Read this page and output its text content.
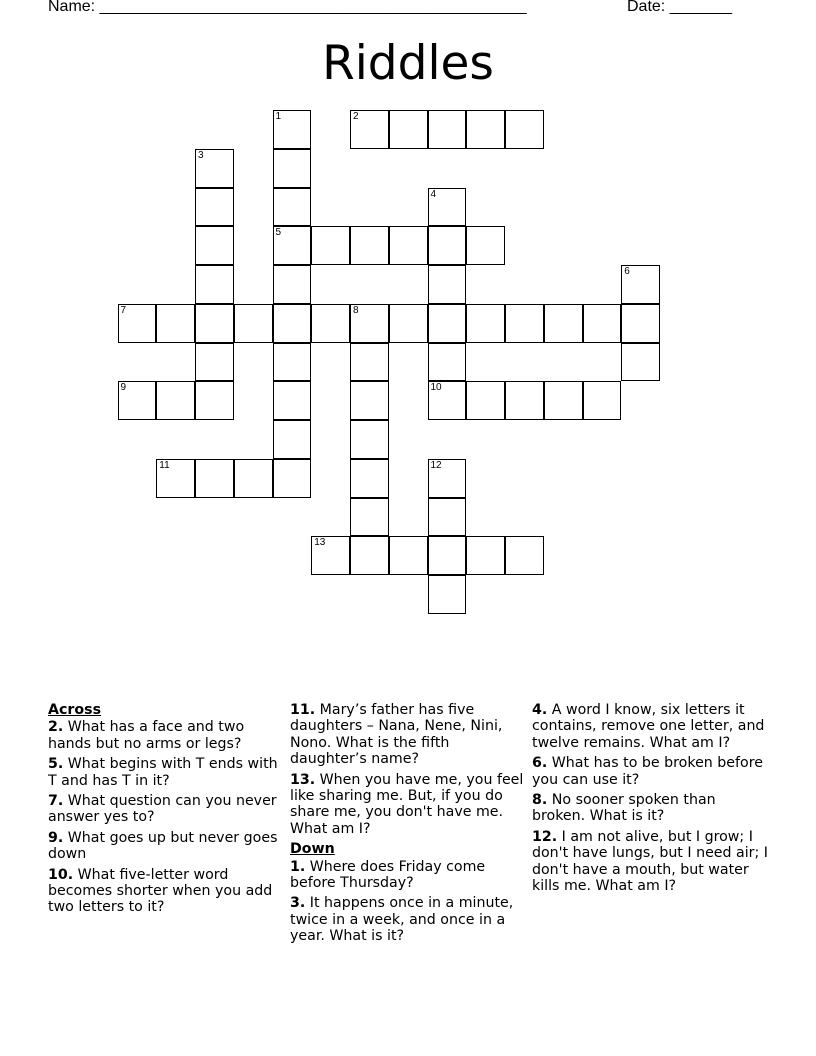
Name: ________________________________________________	Date: _______
Riddles
1	2
3
4
5
6
7	8
9	10
11	12
13
Across
2. What has a face and two hands but no arms or legs?
5. What begins with T ends with T and has T in it?
7. What question can you never answer yes to?
9. What goes up but never goes down
10. What five-letter word becomes shorter when you add two letters to it?
11. Mary’s father has five daughters – Nana, Nene, Nini, Nono. What is the fifth daughter’s name?
13. When you have me, you feel like sharing me. But, if you do share me, you don't have me. What am I?
Down
1. Where does Friday come before Thursday?
3. It happens once in a minute, twice in a week, and once in a year. What is it?
4. A word I know, six letters it contains, remove one letter, and twelve remains. What am I?
6. What has to be broken before you can use it?
8. No sooner spoken than broken. What is it?
12. I am not alive, but I grow; I don't have lungs, but I need air; I don't have a mouth, but water kills me. What am I?
